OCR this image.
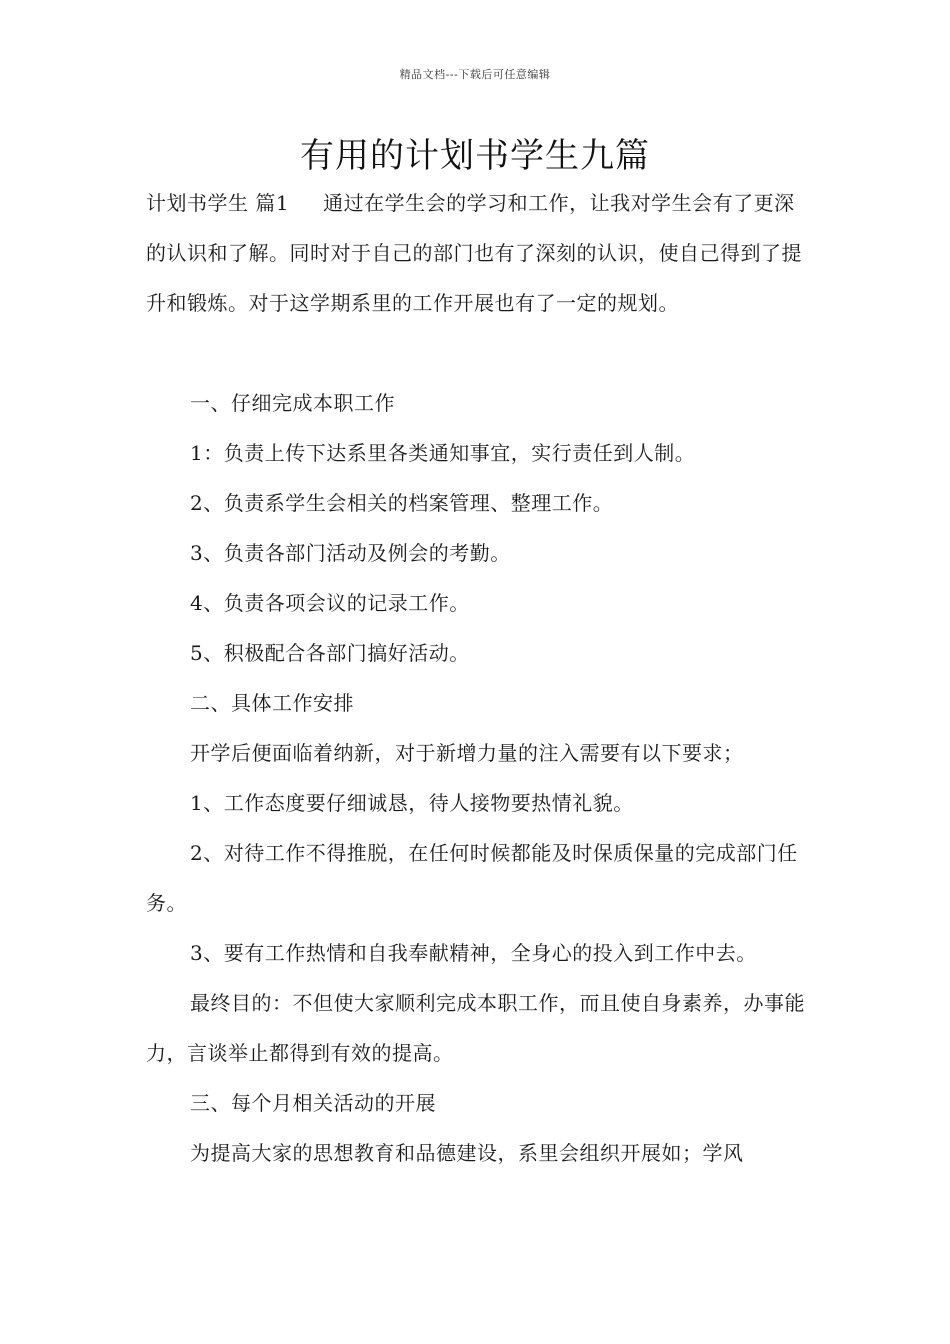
精品文档---下载后可任意编辑
有用的计划书学生九篇

计划书学生 篇1 通过在学生会的学习和工作，让我对学生会有了更深的认识和了解。同时对于自己的部门也有了深刻的认识，使自己得到了提升和锻炼。对于这学期系里的工作开展也有了一定的规划。

一、仔细完成本职工作

1：负责上传下达系里各类通知事宜，实行责任到人制。

2、负责系学生会相关的档案管理、整理工作。

3、负责各部门活动及例会的考勤。

4、负责各项会议的记录工作。

5、积极配合各部门搞好活动。

二、具体工作安排

开学后便面临着纳新，对于新增力量的注入需要有以下要求；

1、工作态度要仔细诚恳，待人接物要热情礼貌。

2、对待工作不得推脱，在任何时候都能及时保质保量的完成部门任务。

3、要有工作热情和自我奉献精神，全身心的投入到工作中去。

最终目的：不但使大家顺利完成本职工作，而且使自身素养，办事能力，言谈举止都得到有效的提高。

三、每个月相关活动的开展

为提高大家的思想教育和品德建设，系里会组织开展如；学风
